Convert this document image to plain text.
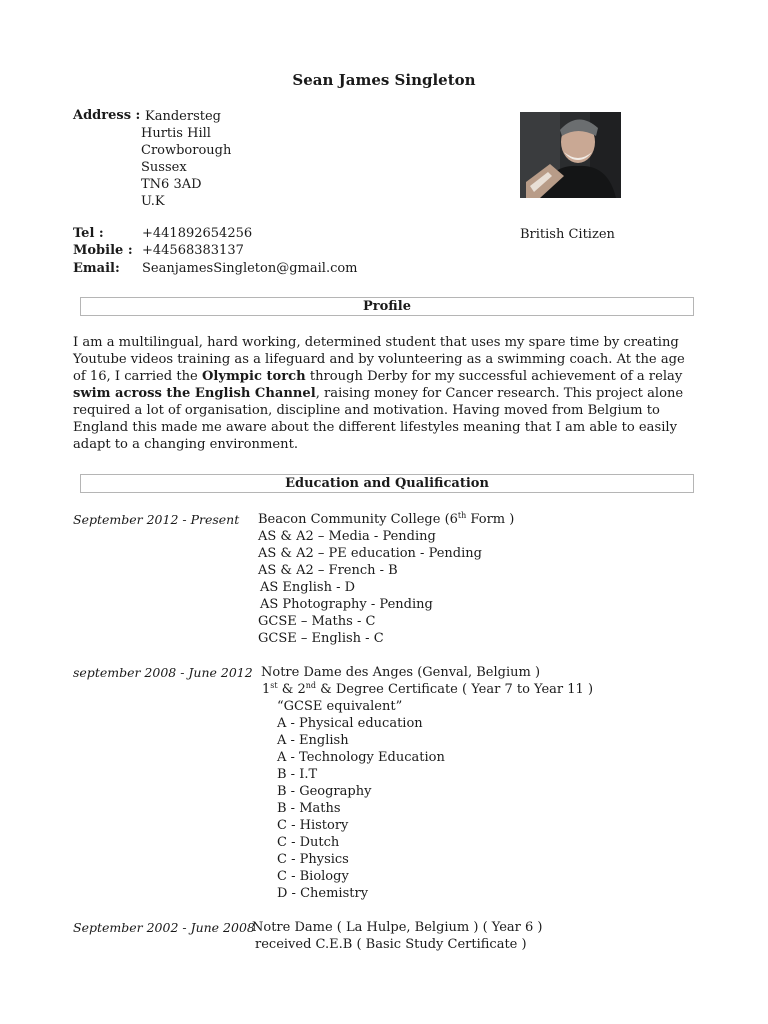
Sean James Singleton
Address : Kandersteg
Hurtis Hill
Crowborough
Sussex
TN6 3AD
U.K
Tel :	+441892654256
Mobile : +44568383137
Email: SeanjamesSingleton@gmail.com
British Citizen
Profile
I am a multilingual, hard working, determined student that uses my spare time by creating Youtube videos training as a lifeguard and by volunteering as a swimming coach. At the age of 16, I carried the Olympic torch through Derby for my successful achievement of a relay swim across the English Channel, raising money for Cancer research. This project alone required a lot of organisation, discipline and motivation. Having moved from Belgium to England this made me aware about the different lifestyles meaning that I am able to easily adapt to a changing environment.
Education and Qualification
September 2012 - Present Beacon Community College (6th Form )
AS & A2 – Media - Pending
AS & A2 – PE education - Pending
AS & A2 – French - B
AS English - D
AS Photography - Pending
GCSE – Maths - C
GCSE – English - C
september 2008 - June 2012 Notre Dame des Anges (Genval, Belgium )
1st & 2nd & Degree Certificate ( Year 7 to Year 11 )
“GCSE equivalent”
A - Physical education
A - English
A - Technology Education
B - I.T
B - Geography
B - Maths
C - History
C - Dutch
C - Physics
C - Biology
D - Chemistry
September 2002 - June 2008
Notre Dame ( La Hulpe, Belgium ) ( Year 6 )
received C.E.B ( Basic Study Certificate )
